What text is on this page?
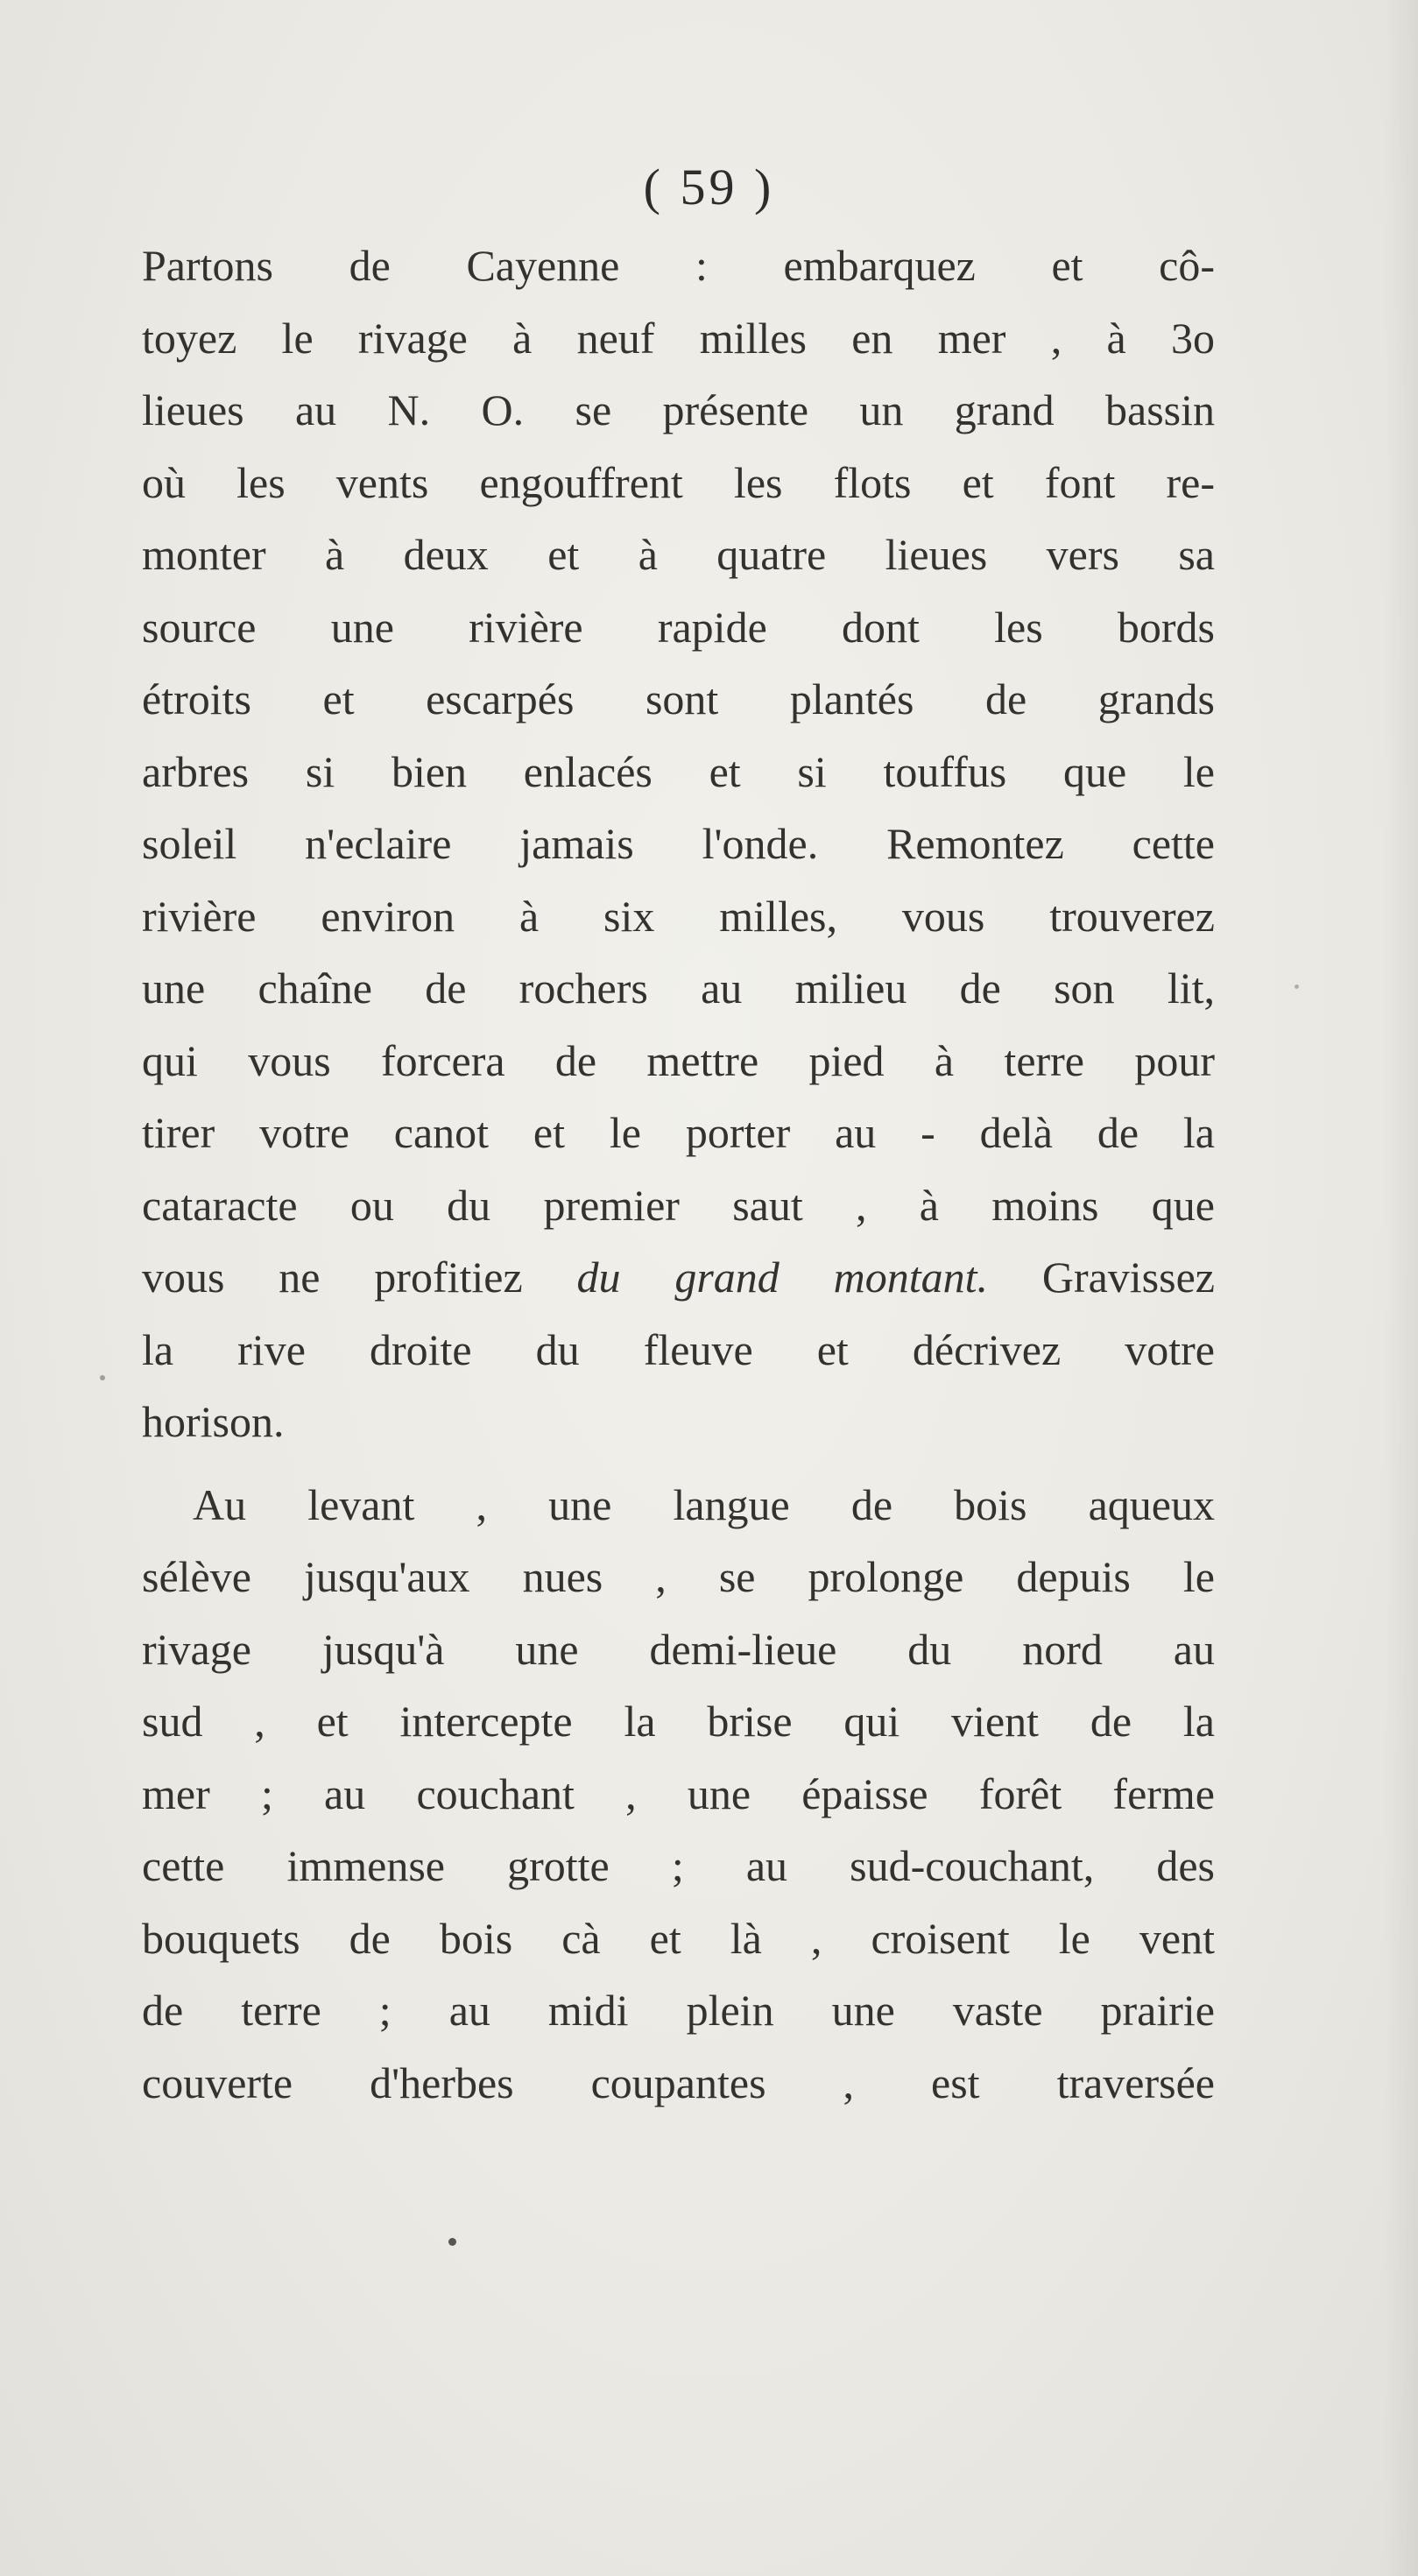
( 59 )
Partons de Cayenne : embarquez et cô-
toyez le rivage à neuf milles en mer , à 3o
lieues au N. O. se présente un grand bassin
où les vents engouffrent les flots et font re-
monter à deux et à quatre lieues vers sa
source une rivière rapide dont les bords
étroits et escarpés sont plantés de grands
arbres si bien enlacés et si touffus que le
soleil n'eclaire jamais l'onde. Remontez cette
rivière environ à six milles, vous trouverez
une chaîne de rochers au milieu de son lit,
qui vous forcera de mettre pied à terre pour
tirer votre canot et le porter au - delà de la
cataracte ou du premier saut , à moins que
vous ne profitiez du grand montant. Gravissez
la rive droite du fleuve et décrivez votre
horison.
Au levant , une langue de bois aqueux
sélève jusqu'aux nues , se prolonge depuis le
rivage jusqu'à une demi-lieue du nord au
sud , et intercepte la brise qui vient de la
mer ; au couchant , une épaisse forêt ferme
cette immense grotte ; au sud-couchant, des
bouquets de bois cà et là , croisent le vent
de terre ; au midi plein une vaste prairie
couverte d'herbes coupantes , est traversée
